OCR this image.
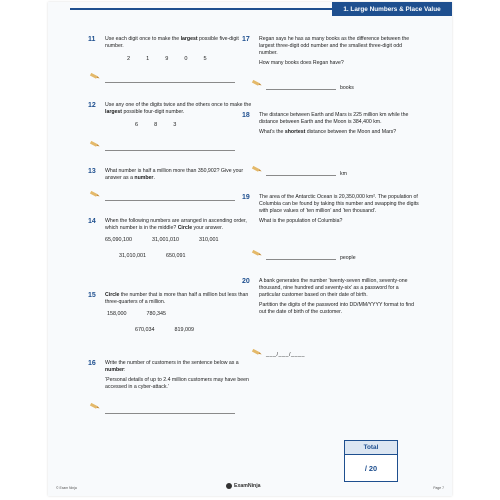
1. Large Numbers & Place Value
11 Use each digit once to make the largest possible five-digit number.

2	1	9	0	5
12 Use any one of the digits twice and the others once to make the largest possible four-digit number.

6	8	3
13 What number is half a million more than 350,902? Give your answer as a number.

14 When the following numbers are arranged in ascending order, which number is in the middle? Circle your answer.

65,090,100	31,001,010	310,001
31,010,001	650,091
15 Circle the number that is more than half a million but less than three-quarters of a million.

158,000	780,345
670,034	819,009
16 Write the number of customers in the sentence below as a number:

‘Personal details of up to 2.4 million customers may have been accessed in a cyber-attack.’

17 Regan says he has as many books as the difference between the largest three-digit odd number and the smallest three-digit odd number.

How many books does Regan have?

books
18 The distance between Earth and Mars is 225 million km while the distance between Earth and the Moon is 384,400 km.

What’s the shortest distance between the Moon and Mars?

km
19 The area of the Antarctic Ocean is 20,350,000 km². The population of Columbia can be found by taking this number and swapping the digits with place values of ‘ten million’ and ‘ten thousand’.

What is the population of Columbia?

people
20 A bank generates the number ‘twenty-seven million, seventy-one thousand, nine hundred and seventy-six’ as a password for a particular customer based on their date of birth.

Partition the digits of the password into DD/MM/YYYY format to find out the date of birth of the customer.

___/___/____
Total
/ 20
© Exam Ninja	ExamNinja	Page 7
